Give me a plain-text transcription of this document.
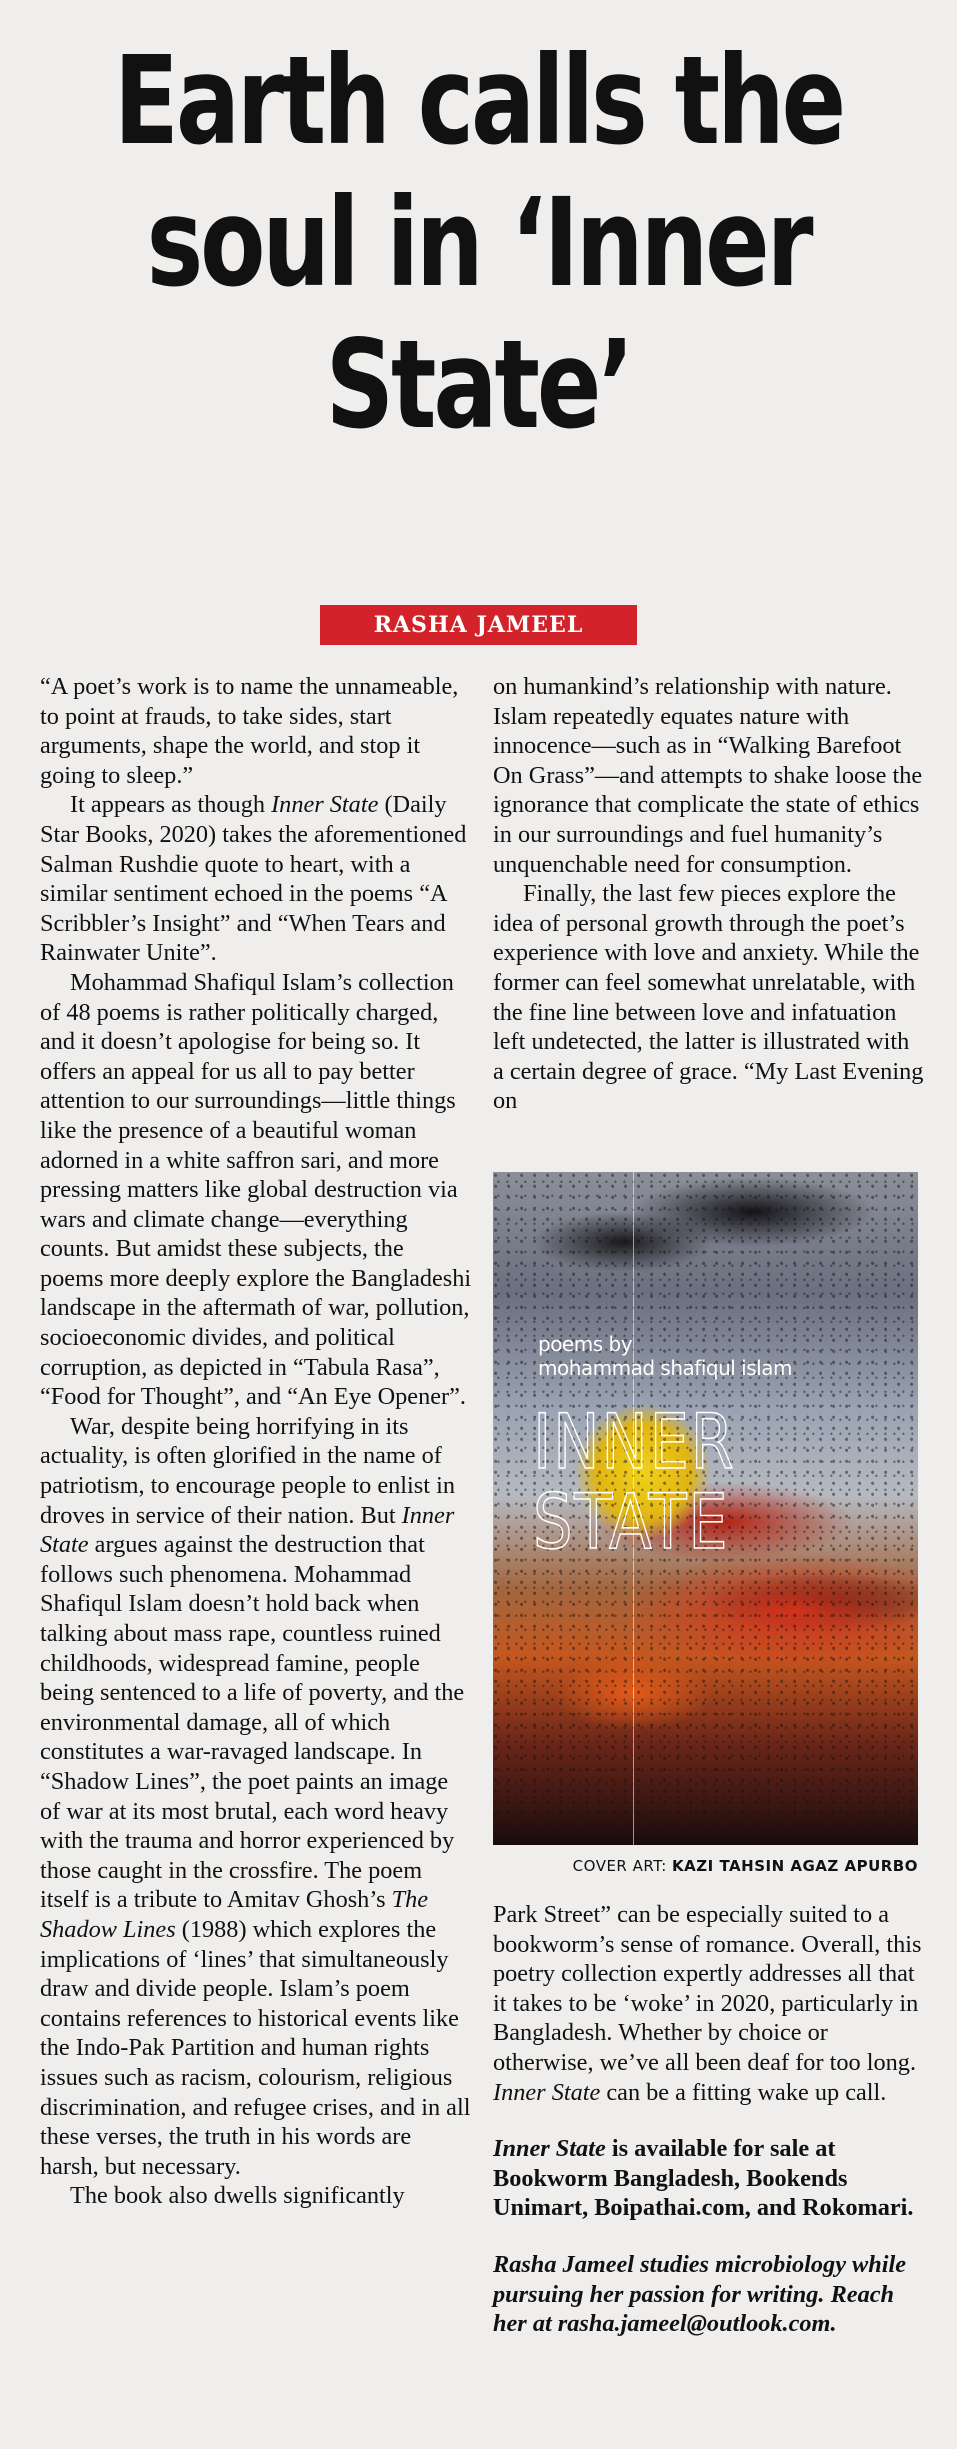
Earth calls the soul in ‘Inner State’
RASHA JAMEEL

“A poet’s work is to name the unnameable, to point at frauds, to take sides, start arguments, shape the world, and stop it going to sleep.”

It appears as though Inner State (Daily Star Books, 2020) takes the aforementioned Salman Rushdie quote to heart, with a similar sentiment echoed in the poems “A Scribbler’s Insight” and “When Tears and Rainwater Unite”.

Mohammad Shafiqul Islam’s collection of 48 poems is rather politically charged, and it doesn’t apologise for being so. It offers an appeal for us all to pay better attention to our surroundings—little things like the presence of a beautiful woman adorned in a white saffron sari, and more pressing matters like global destruction via wars and climate change—everything counts. But amidst these subjects, the poems more deeply explore the Bangladeshi landscape in the aftermath of war, pollution, socioeconomic divides, and political corruption, as depicted in “Tabula Rasa”, “Food for Thought”, and “An Eye Opener”.

War, despite being horrifying in its actuality, is often glorified in the name of patriotism, to encourage people to enlist in droves in service of their nation. But Inner State argues against the destruction that follows such phenomena. Mohammad Shafiqul Islam doesn’t hold back when talking about mass rape, countless ruined childhoods, widespread famine, people being sentenced to a life of poverty, and the environmental damage, all of which constitutes a war-ravaged landscape. In “Shadow Lines”, the poet paints an image of war at its most brutal, each word heavy with the trauma and horror experienced by those caught in the crossfire. The poem itself is a tribute to Amitav Ghosh’s The Shadow Lines (1988) which explores the implications of ‘lines’ that simultaneously draw and divide people. Islam’s poem contains references to historical events like the Indo-Pak Partition and human rights issues such as racism, colourism, religious discrimination, and refugee crises, and in all these verses, the truth in his words are harsh, but necessary.

The book also dwells significantly

on humankind’s relationship with nature. Islam repeatedly equates nature with innocence—such as in “Walking Barefoot On Grass”—and attempts to shake loose the ignorance that complicate the state of ethics in our surroundings and fuel humanity’s unquenchable need for consumption.

Finally, the last few pieces explore the idea of personal growth through the poet’s experience with love and anxiety. While the former can feel somewhat unrelatable, with the fine line between love and infatuation left undetected, the latter is illustrated with a certain degree of grace. “My Last Evening on

poems by
mohammad shafiqul islam
INNER
STATE
COVER ART: KAZI TAHSIN AGAZ APURBO

Park Street” can be especially suited to a bookworm’s sense of romance. Overall, this poetry collection expertly addresses all that it takes to be ‘woke’ in 2020, particularly in Bangladesh. Whether by choice or otherwise, we’ve all been deaf for too long. Inner State can be a fitting wake up call.

Inner State is available for sale at Bookworm Bangladesh, Bookends Unimart, Boipathai.com, and Rokomari.

Rasha Jameel studies microbiology while pursuing her passion for writing. Reach her at rasha.jameel@outlook.com.
